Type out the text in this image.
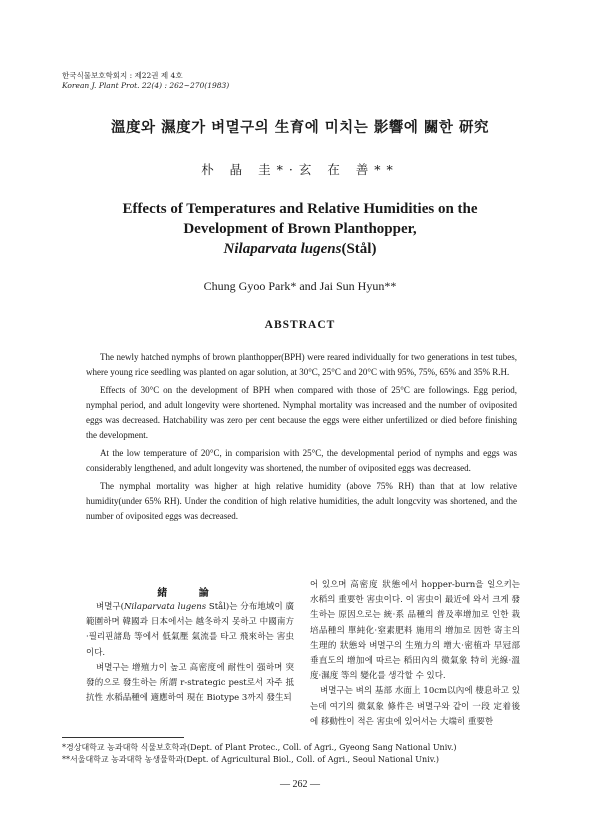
한국식물보호학회지 : 제22권 제 4호
Korean J. Plant Prot. 22(4) : 262~270(1983)
溫度와 濕度가 벼멸구의 生育에 미치는 影響에 關한 研究
朴 晶 圭*·玄 在 善**
Effects of Temperatures and Relative Humidities on the
Development of Brown Planthopper,
Nilaparvata lugens(Stål)
Chung Gyoo Park* and Jai Sun Hyun**
ABSTRACT

The newly hatched nymphs of brown planthopper(BPH) were reared individually for two generations in test tubes, where young rice seedling was planted on agar solution, at 30°C, 25°C and 20°C with 95%, 75%, 65% and 35% R.H.

Effects of 30°C on the development of BPH when compared with those of 25°C are followings. Egg period, nymphal period, and adult longevity were shortened. Nymphal mortality was increased and the number of oviposited eggs was decreased. Hatchability was zero per cent because the eggs were either unfertilized or died before finishing the development.

At the low temperature of 20°C, in comparision with 25°C, the developmental period of nymphs and eggs was considerably lengthened, and adult longevity was shortened, the number of oviposited eggs was decreased.

The nymphal mortality was higher at high relative humidity (above 75% RH) than that at low relative humidity(under 65% RH). Under the condition of high relative humidities, the adult longcvity was shortened, and the number of oviposited eggs was decreased.

緒 論

벼멸구(Nilaparvata lugens Stål)는 分布地域이 廣範圍하며 韓國과 日本에서는 越冬하지 못하고 中國南方·필리핀諸島 等에서 低氣壓 氣流를 타고 飛來하는 害虫이다.

벼멸구는 增殖力이 높고 高密度에 耐性이 强하며 突發的으로 發生하는 所謂 r-strategic pest로서 자주 抵抗性 水稻品種에 適應하여 現在 Biotype 3까지 發生되

어 있으며 高密度 狀態에서 hopper-burn을 일으키는 水稻의 重要한 害虫이다. 이 害虫이 最近에 와서 크게 發生하는 原因으로는 統·系 品種의 普及率增加로 인한 栽培品種의 單純化·窒素肥料 施用의 增加로 因한 寄主의 生理的 狀態와 벼멸구의 生殖力의 增大·密植과 早冠部 垂直도의 增加에 따르는 稻田內의 微氣象 特히 光線·溫度·濕度 等의 變化를 생각할 수 있다.

벼멸구는 벼의 基部 水面上 10cm以內에 棲息하고 있는데 여기의 微氣象 條件은 벼멸구와 같이 一段 定着後에 移動性이 적은 害虫에 있어서는 大端히 重要한

*경상대학교 농과대학 식물보호학과(Dept. of Plant Protec., Coll. of Agri., Gyeong Sang National Univ.)
**서울대학교 농과대학 농생물학과(Dept. of Agricultural Biol., Coll. of Agri., Seoul National Univ.)
— 262 —
